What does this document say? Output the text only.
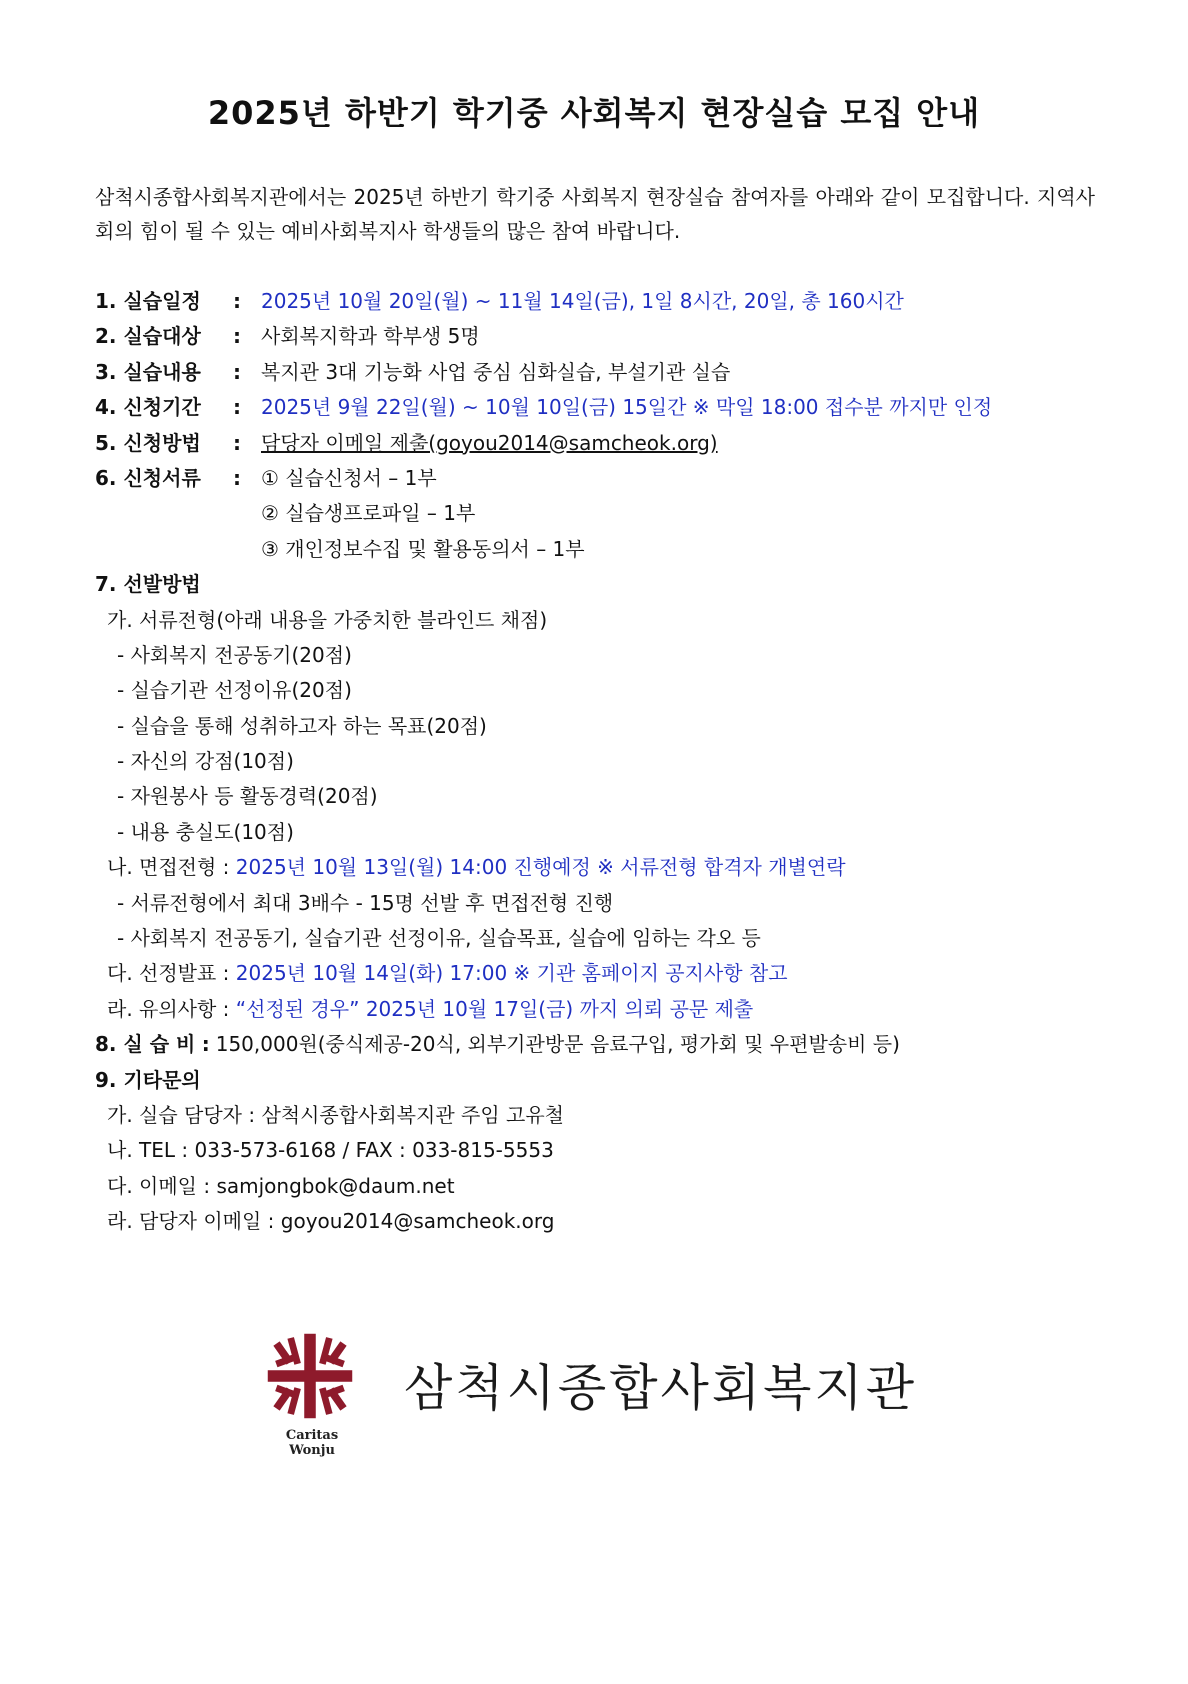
2025년 하반기 학기중 사회복지 현장실습 모집 안내

삼척시종합사회복지관에서는 2025년 하반기 학기중 사회복지 현장실습 참여자를 아래와 같이 모집합니다. 지역사회의 힘이 될 수 있는 예비사회복지사 학생들의 많은 참여 바랍니다.

1. 실습일정 : 2025년 10월 20일(월) ~ 11월 14일(금), 1일 8시간, 20일, 총 160시간
2. 실습대상 : 사회복지학과 학부생 5명
3. 실습내용 : 복지관 3대 기능화 사업 중심 심화실습, 부설기관 실습
4. 신청기간 : 2025년 9월 22일(월) ~ 10월 10일(금) 15일간 ※ 막일 18:00 접수분 까지만 인정
5. 신청방법 : 담당자 이메일 제출(goyou2014@samcheok.org)
6. 신청서류 : ① 실습신청서 – 1부
② 실습생프로파일 – 1부
③ 개인정보수집 및 활용동의서 – 1부
7. 선발방법
가. 서류전형(아래 내용을 가중치한 블라인드 채점)
- 사회복지 전공동기(20점)
- 실습기관 선정이유(20점)
- 실습을 통해 성취하고자 하는 목표(20점)
- 자신의 강점(10점)
- 자원봉사 등 활동경력(20점)
- 내용 충실도(10점)
나. 면접전형 : 2025년 10월 13일(월) 14:00 진행예정 ※ 서류전형 합격자 개별연락
- 서류전형에서 최대 3배수 - 15명 선발 후 면접전형 진행
- 사회복지 전공동기, 실습기관 선정이유, 실습목표, 실습에 임하는 각오 등
다. 선정발표 : 2025년 10월 14일(화) 17:00 ※ 기관 홈페이지 공지사항 참고
라. 유의사항 : “선정된 경우” 2025년 10월 17일(금) 까지 의뢰 공문 제출
8. 실 습 비 : 150,000원(중식제공-20식, 외부기관방문 음료구입, 평가회 및 우편발송비 등)
9. 기타문의
가. 실습 담당자 : 삼척시종합사회복지관 주임 고유철
나. TEL : 033-573-6168 / FAX : 033-815-5553
다. 이메일 : samjongbok@daum.net
라. 담당자 이메일 : goyou2014@samcheok.org
Caritas Wonju
삼척시종합사회복지관
